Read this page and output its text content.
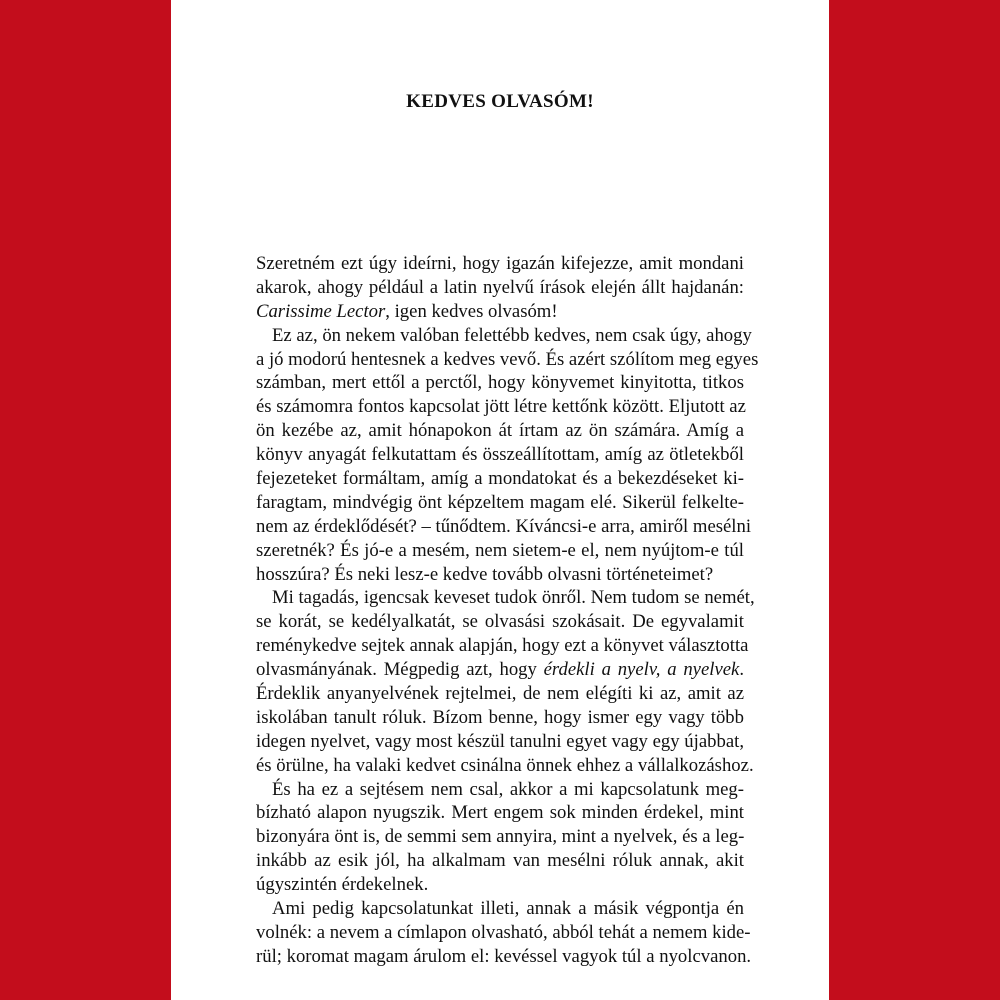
KEDVES OLVASÓM!
Szeretném ezt úgy ideírni, hogy igazán kifejezze, amit mondani
akarok, ahogy például a latin nyelvű írások elején állt hajdanán:
Carissime Lector, igen kedves olvasóm!
Ez az, ön nekem valóban felettébb kedves, nem csak úgy, ahogy
a jó modorú hentesnek a kedves vevő. És azért szólítom meg egyes
számban, mert ettől a perctől, hogy könyvemet kinyitotta, titkos
és számomra fontos kapcsolat jött létre kettőnk között. Eljutott az
ön kezébe az, amit hónapokon át írtam az ön számára. Amíg a
könyv anyagát felkutattam és összeállítottam, amíg az ötletekből
fejezeteket formáltam, amíg a mondatokat és a bekezdéseket ki-
faragtam, mindvégig önt képzeltem magam elé. Sikerül felkelte-
nem az érdeklődését? – tűnődtem. Kíváncsi-e arra, amiről mesélni
szeretnék? És jó-e a mesém, nem sietem-e el, nem nyújtom-e túl
hosszúra? És neki lesz-e kedve tovább olvasni történeteimet?
Mi tagadás, igencsak keveset tudok önről. Nem tudom se nemét,
se korát, se kedélyalkatát, se olvasási szokásait. De egyvalamit
reménykedve sejtek annak alapján, hogy ezt a könyvet választotta
olvasmányának. Mégpedig azt, hogy érdekli a nyelv, a nyelvek.
Érdeklik anyanyelvének rejtelmei, de nem elégíti ki az, amit az
iskolában tanult róluk. Bízom benne, hogy ismer egy vagy több
idegen nyelvet, vagy most készül tanulni egyet vagy egy újabbat,
és örülne, ha valaki kedvet csinálna önnek ehhez a vállalkozáshoz.
És ha ez a sejtésem nem csal, akkor a mi kapcsolatunk meg-
bízható alapon nyugszik. Mert engem sok minden érdekel, mint
bizonyára önt is, de semmi sem annyira, mint a nyelvek, és a leg-
inkább az esik jól, ha alkalmam van mesélni róluk annak, akit
úgyszintén érdekelnek.
Ami pedig kapcsolatunkat illeti, annak a másik végpontja én
volnék: a nevem a címlapon olvasható, abból tehát a nemem kide-
rül; koromat magam árulom el: kevéssel vagyok túl a nyolcvanon.
